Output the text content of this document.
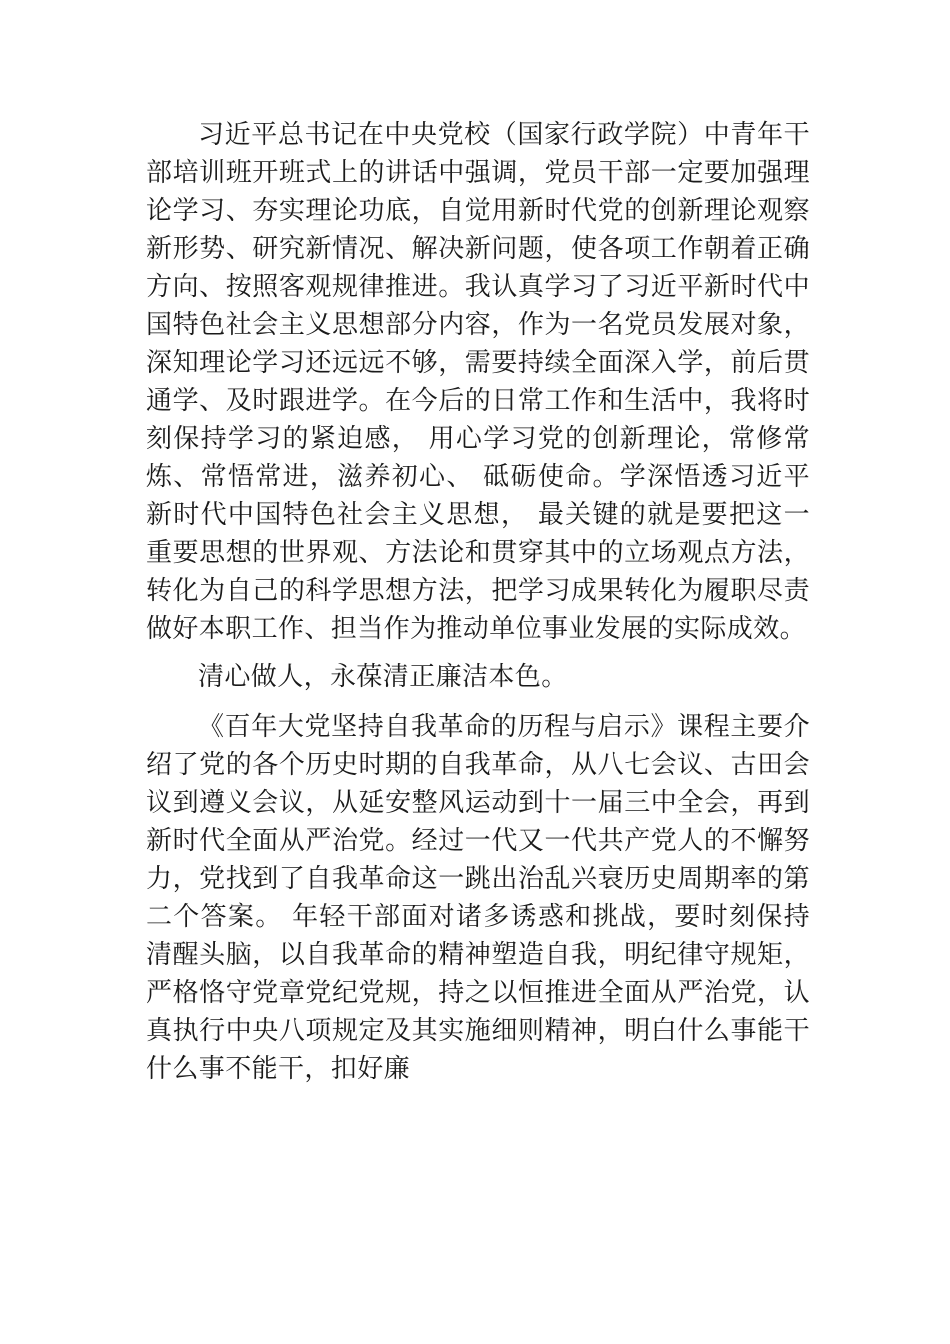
习近平总书记在中央党校（国家行政学院）中青年干部培训班开班式上的讲话中强调，党员干部一定要加强理论学习、夯实理论功底，自觉用新时代党的创新理论观察新形势、研究新情况、解决新问题，使各项工作朝着正确方向、按照客观规律推进。我认真学习了习近平新时代中国特色社会主义思想部分内容，作为一名党员发展对象，深知理论学习还远远不够，需要持续全面深入学，前后贯通学、及时跟进学。在今后的日常工作和生活中，我将时刻保持学习的紧迫感， 用心学习党的创新理论，常修常炼、常悟常进，滋养初心、 砥砺使命。学深悟透习近平新时代中国特色社会主义思想， 最关键的就是要把这一重要思想的世界观、方法论和贯穿其中的立场观点方法，转化为自己的科学思想方法，把学习成果转化为履职尽责做好本职工作、担当作为推动单位事业发展的实际成效。

清心做人，永葆清正廉洁本色。

《百年大党坚持自我革命的历程与启示》课程主要介绍了党的各个历史时期的自我革命，从八七会议、古田会议到遵义会议，从延安整风运动到十一届三中全会，再到新时代全面从严治党。经过一代又一代共产党人的不懈努力，党找到了自我革命这一跳出治乱兴衰历史周期率的第二个答案。 年轻干部面对诸多诱惑和挑战，要时刻保持清醒头脑，以自我革命的精神塑造自我，明纪律守规矩，严格恪守党章党纪党规，持之以恒推进全面从严治党，认真执行中央八项规定及其实施细则精神，明白什么事能干什么事不能干，扣好廉
